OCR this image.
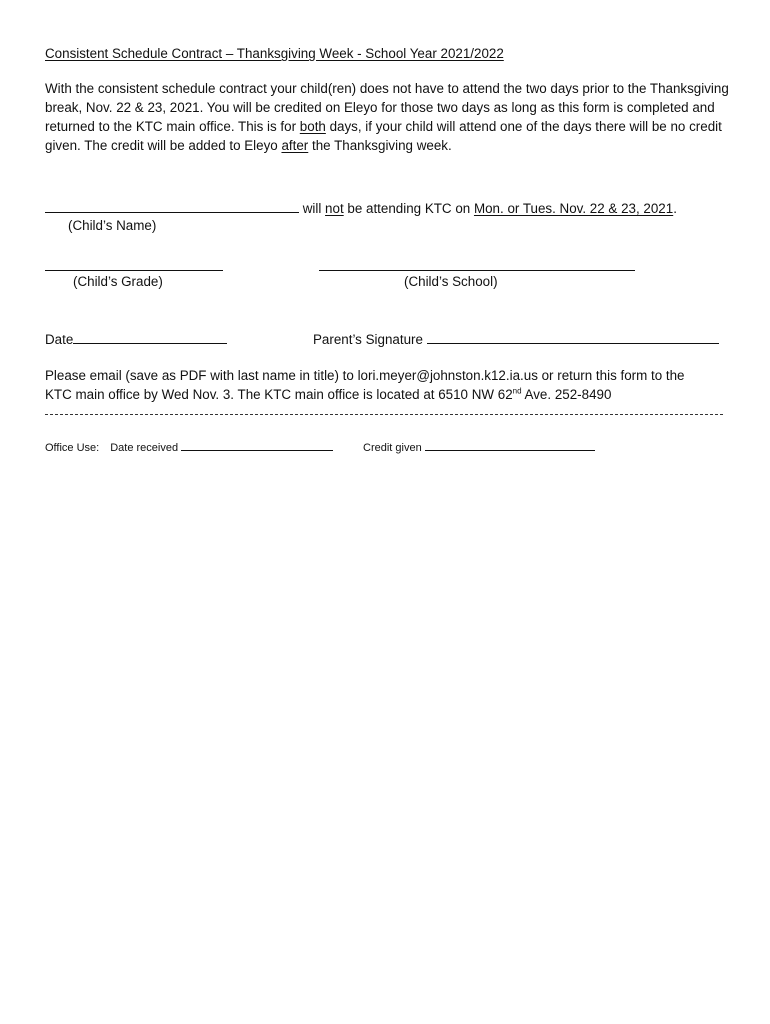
Consistent Schedule Contract – Thanksgiving Week - School Year 2021/2022
With the consistent schedule contract your child(ren) does not have to attend the two days prior to the Thanksgiving break, Nov. 22 & 23, 2021. You will be credited on Eleyo for those two days as long as this form is completed and returned to the KTC main office. This is for both days, if your child will attend one of the days there will be no credit given. The credit will be added to Eleyo after the Thanksgiving week.
will not be attending KTC on Mon. or Tues. Nov. 22 & 23, 2021.
(Child’s Name)
(Child’s Grade)	(Child’s School)
Date	Parent’s Signature
Please email (save as PDF with last name in title) to lori.meyer@johnston.k12.ia.us or return this form to the
KTC main office by Wed Nov. 3. The KTC main office is located at 6510 NW 62nd Ave. 252-8490
Office Use: Date received	Credit given
